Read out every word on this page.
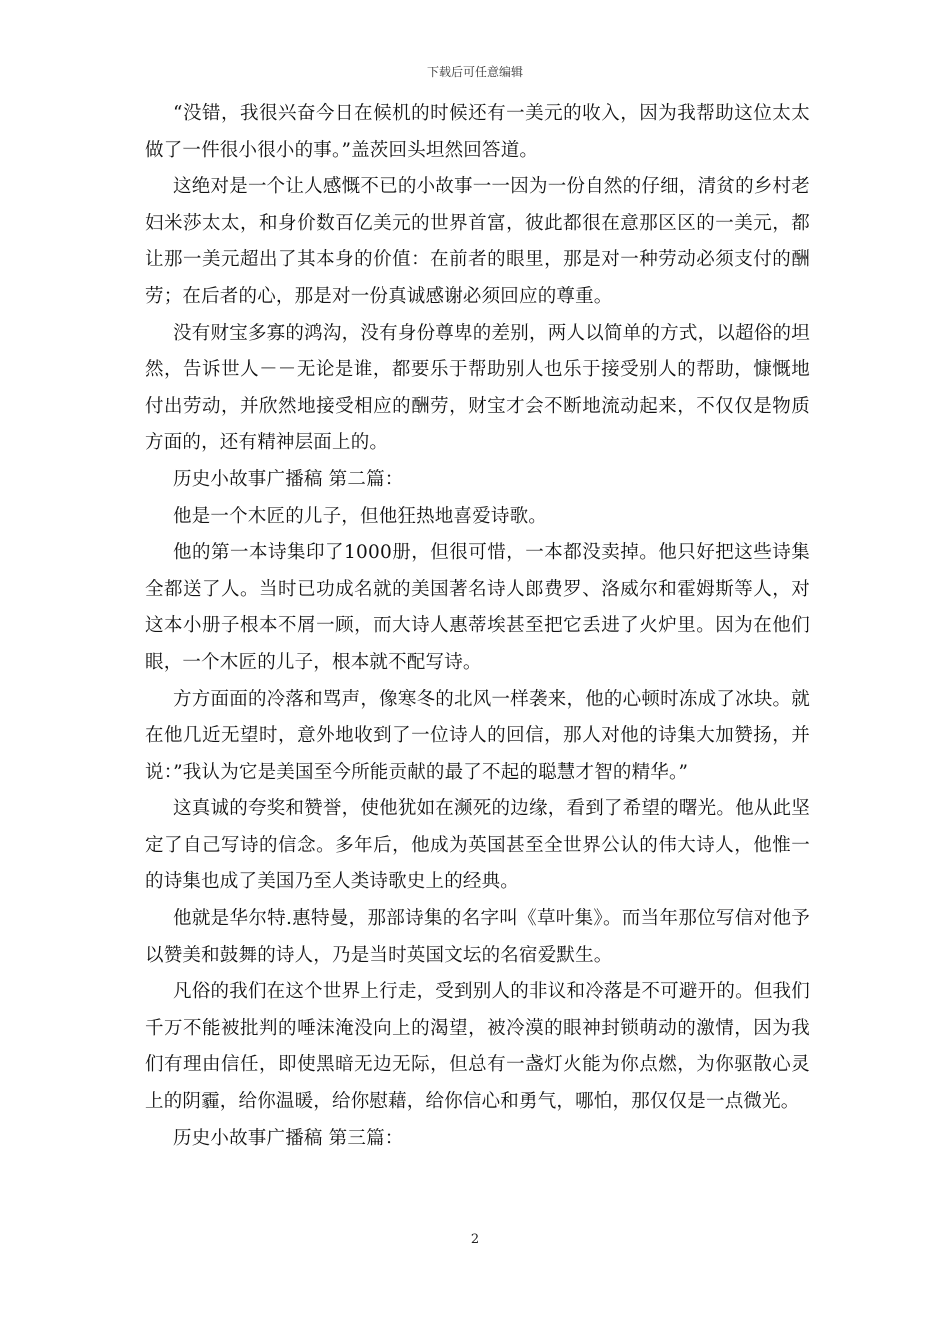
下载后可任意编辑

“没错，我很兴奋今日在候机的时候还有一美元的收入，因为我帮助这位太太做了一件很小很小的事。”盖茨回头坦然回答道。

这绝对是一个让人感慨不已的小故事一一因为一份自然的仔细，清贫的乡村老妇米莎太太，和身价数百亿美元的世界首富，彼此都很在意那区区的一美元，都让那一美元超出了其本身的价值：在前者的眼里，那是对一种劳动必须支付的酬劳；在后者的心，那是对一份真诚感谢必须回应的尊重。

没有财宝多寡的鸿沟，没有身份尊卑的差别，两人以简单的方式，以超俗的坦然，告诉世人－－无论是谁，都要乐于帮助别人也乐于接受别人的帮助，慷慨地付出劳动，并欣然地接受相应的酬劳，财宝才会不断地流动起来，不仅仅是物质方面的，还有精神层面上的。

历史小故事广播稿 第二篇：

他是一个木匠的儿子，但他狂热地喜爱诗歌。

他的第一本诗集印了1000册，但很可惜，一本都没卖掉。他只好把这些诗集全都送了人。当时已功成名就的美国著名诗人郎费罗、洛威尔和霍姆斯等人，对这本小册子根本不屑一顾，而大诗人惠蒂埃甚至把它丢进了火炉里。因为在他们眼，一个木匠的儿子，根本就不配写诗。

方方面面的冷落和骂声，像寒冬的北风一样袭来，他的心顿时冻成了冰块。就在他几近无望时，意外地收到了一位诗人的回信，那人对他的诗集大加赞扬，并说：”我认为它是美国至今所能贡献的最了不起的聪慧才智的精华。”

这真诚的夸奖和赞誉，使他犹如在濒死的边缘，看到了希望的曙光。他从此坚定了自己写诗的信念。多年后，他成为英国甚至全世界公认的伟大诗人，他惟一的诗集也成了美国乃至人类诗歌史上的经典。

他就是华尔特.惠特曼，那部诗集的名字叫《草叶集》。而当年那位写信对他予以赞美和鼓舞的诗人，乃是当时英国文坛的名宿爱默生。

凡俗的我们在这个世界上行走，受到别人的非议和冷落是不可避开的。但我们千万不能被批判的唾沫淹没向上的渴望，被冷漠的眼神封锁萌动的激情，因为我们有理由信任，即使黑暗无边无际，但总有一盏灯火能为你点燃，为你驱散心灵上的阴霾，给你温暖，给你慰藉，给你信心和勇气，哪怕，那仅仅是一点微光。

历史小故事广播稿 第三篇：

2
